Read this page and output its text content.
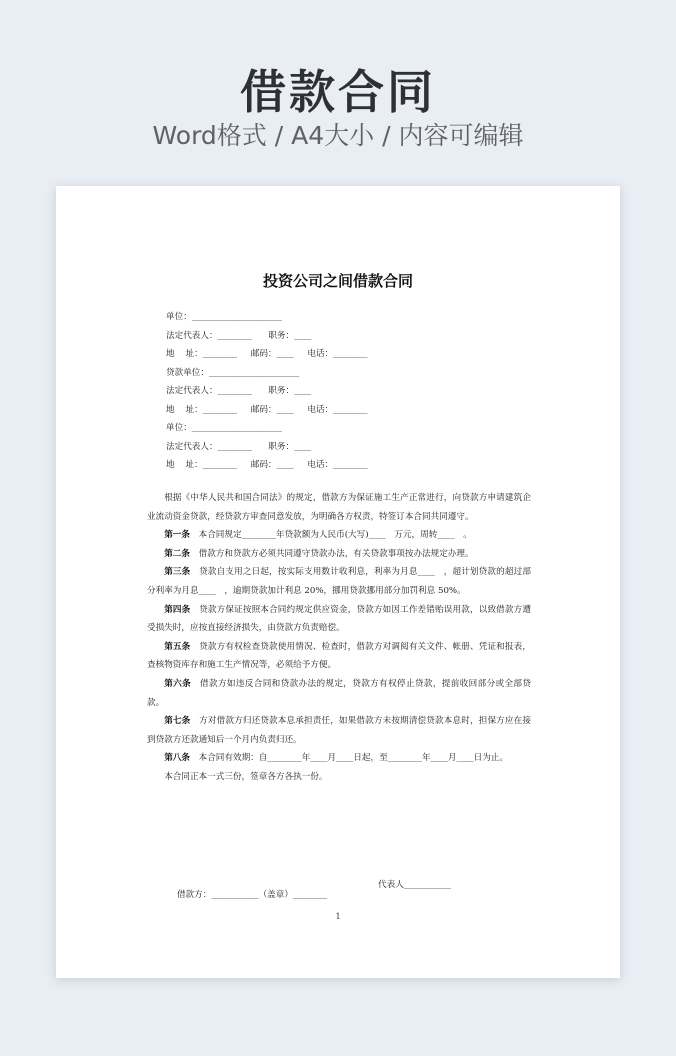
借款合同
Word格式 / A4大小 / 内容可编辑
投资公司之间借款合同
单位：_____________________
法定代表人：________      职务：____
地    址：________     邮码：____     电话：________
贷款单位：_____________________
法定代表人：________      职务：____
地    址：________     邮码：____     电话：________
单位：_____________________
法定代表人：________      职务：____
地    址：________     邮码：____     电话：________

根据《中华人民共和国合同法》的规定，借款方为保证施工生产正常进行，向贷款方申请建筑企业流动资金贷款，经贷款方审查同意发放，为明确各方权责，特签订本合同共同遵守。

第一条　 本合同规定________年贷款额为人民币(大写)____　万元，周转____　。

第二条　 借款方和贷款方必须共同遵守贷款办法，有关贷款事项按办法规定办理。

第三条　 贷款自支用之日起，按实际支用数计收利息，利率为月息____　，超计划贷款的超过部分利率为月息____　，逾期贷款加计利息 20%，挪用贷款挪用部分加罚利息 50%。

第四条　 贷款方保证按照本合同约规定供应资金，贷款方如因工作差错贻误用款，以致借款方遭受损失时，应按直接经济损失，由贷款方负责赔偿。

第五条　 贷款方有权检查贷款使用情况、检查时，借款方对调阅有关文件、帐册、凭证和报表，查核物资库存和施工生产情况等，必须给予方便。

第六条　 借款方如违反合同和贷款办法的规定，贷款方有权停止贷款，提前收回部分或全部贷款。

第七条　 方对借款方归还贷款本息承担责任，如果借款方未按期清偿贷款本息时，担保方应在接到贷款方还款通知后一个月内负责归还。

第八条　 本合同有效期：自________年____月____日起，至________年____月____日为止。

本合同正本一式三份，签章各方各执一份。

借款方：___________（盖章）________

代表人___________

1
